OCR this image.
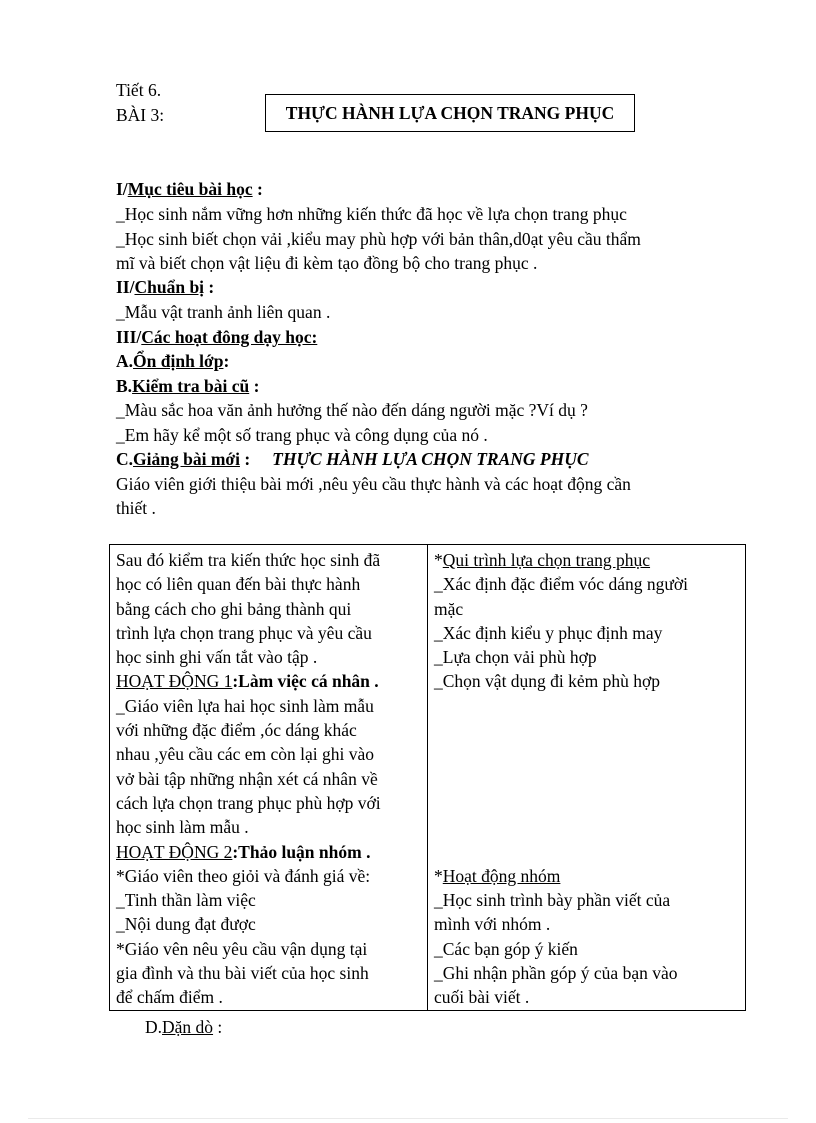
Tiết 6.
BÀI 3:	THỰC HÀNH LỰA CHỌN TRANG PHỤC
I/Mục tiêu bài học :
_Học sinh nắm vững hơn những kiến thức đã học về lựa chọn trang phục
_Học sinh biết chọn vải ,kiểu may phù hợp với bản thân,d0ạt yêu cầu thẩm
mĩ và biết chọn vật liệu đi kèm tạo đồng bộ cho trang phục .
II/Chuẩn bị :
_Mẫu vật tranh ảnh liên quan .
III/Các hoạt đông dạy học:
A.Ổn định lớp:
B.Kiểm tra bài cũ :
_Màu sắc hoa văn ảnh hưởng thế nào đến dáng người mặc ?Ví dụ ?
_Em hãy kể một số trang phục và công dụng của nó .
C.Giảng bài mới : THỰC HÀNH LỰA CHỌN TRANG PHỤC
Giáo viên giới thiệu bài mới ,nêu yêu cầu thực hành và các hoạt động cần
thiết .
Sau đó kiểm tra kiến thức học sinh đã
học có liên quan đến bài thực hành
bằng cách cho ghi bảng thành qui
trình lựa chọn trang phục và yêu cầu
học sinh ghi vấn tắt vào tập .
HOẠT ĐỘNG 1:Làm việc cá nhân .
_Giáo viên lựa hai học sinh làm mẫu
với những đặc điểm ,óc dáng khác
nhau ,yêu cầu các em còn lại ghi vào
vở bài tập những nhận xét cá nhân về
cách lựa chọn trang phục phù hợp với
học sinh làm mẫu .
HOẠT ĐỘNG 2:Thảo luận nhóm .
*Giáo viên theo giỏi và đánh giá về:
_Tinh thần làm việc
_Nội dung đạt được
*Giáo vên nêu yêu cầu vận dụng tại
gia đình và thu bài viết của học sinh
để chấm điểm .
*Qui trình lựa chọn trang phục
_Xác định đặc điểm vóc dáng người
mặc
_Xác định kiểu y phục định may
_Lựa chọn vải phù hợp
_Chọn vật dụng đi kẻm phù hợp
*Hoạt động nhóm
_Học sinh trình bày phần viết của
mình với nhóm .
_Các bạn góp ý kiến
_Ghi nhận phần góp ý của bạn vào
cuối bài viết .
D.Dặn dò :
